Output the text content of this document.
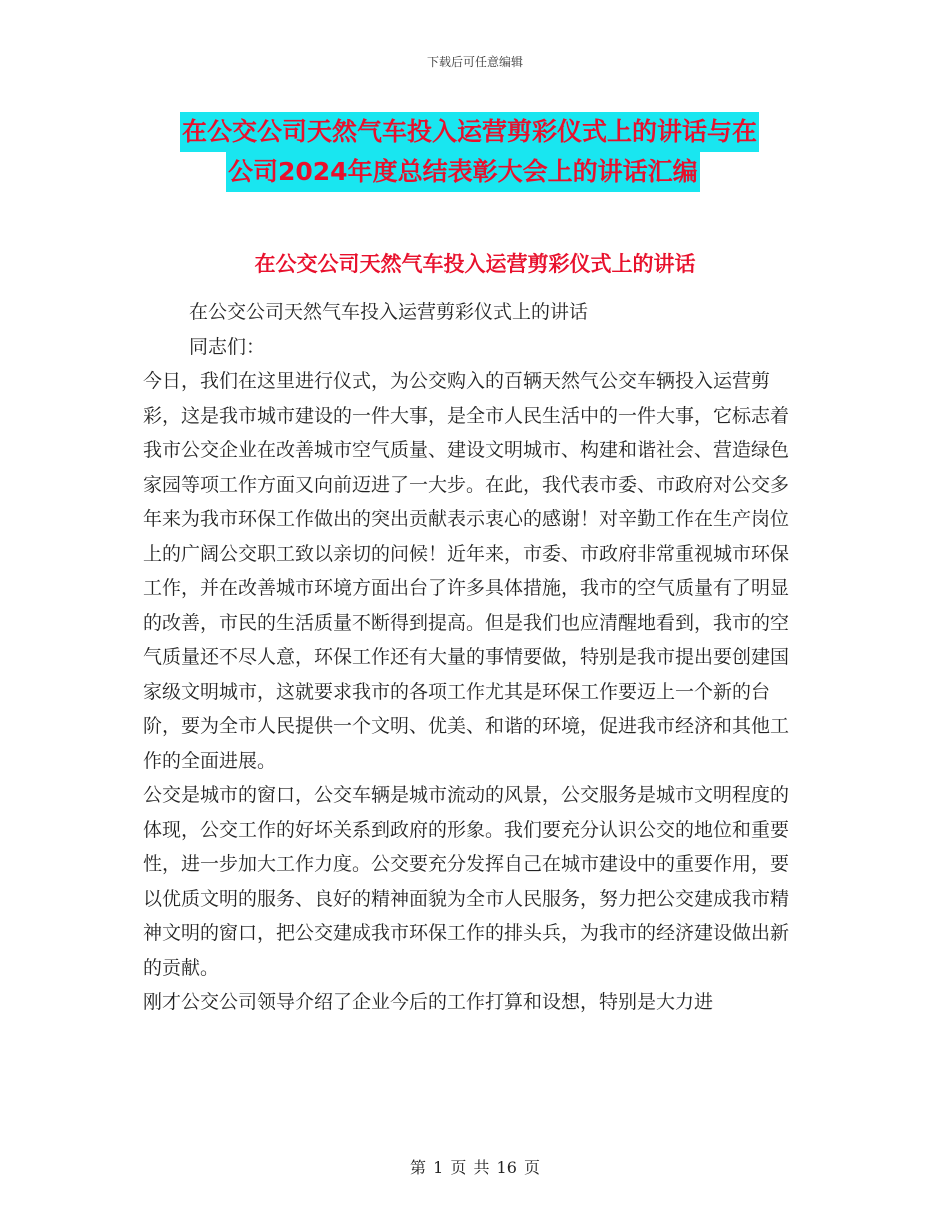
下载后可任意编辑
在公交公司天然气车投入运营剪彩仪式上的讲话与在
公司2024年度总结表彰大会上的讲话汇编
在公交公司天然气车投入运营剪彩仪式上的讲话

在公交公司天然气车投入运营剪彩仪式上的讲话

同志们：

今日，我们在这里进行仪式，为公交购入的百辆天然气公交车辆投入运营剪彩，这是我市城市建设的一件大事，是全市人民生活中的一件大事，它标志着我市公交企业在改善城市空气质量、建设文明城市、构建和谐社会、营造绿色家园等项工作方面又向前迈进了一大步。在此，我代表市委、市政府对公交多年来为我市环保工作做出的突出贡献表示衷心的感谢！对辛勤工作在生产岗位上的广阔公交职工致以亲切的问候！近年来，市委、市政府非常重视城市环保工作，并在改善城市环境方面出台了许多具体措施，我市的空气质量有了明显的改善，市民的生活质量不断得到提高。但是我们也应清醒地看到，我市的空气质量还不尽人意，环保工作还有大量的事情要做，特别是我市提出要创建国家级文明城市，这就要求我市的各项工作尤其是环保工作要迈上一个新的台阶，要为全市人民提供一个文明、优美、和谐的环境，促进我市经济和其他工作的全面进展。

公交是城市的窗口，公交车辆是城市流动的风景，公交服务是城市文明程度的体现，公交工作的好坏关系到政府的形象。我们要充分认识公交的地位和重要性，进一步加大工作力度。公交要充分发挥自己在城市建设中的重要作用，要以优质文明的服务、良好的精神面貌为全市人民服务，努力把公交建成我市精神文明的窗口，把公交建成我市环保工作的排头兵，为我市的经济建设做出新的贡献。

刚才公交公司领导介绍了企业今后的工作打算和设想，特别是大力进

第 1 页 共 16 页
